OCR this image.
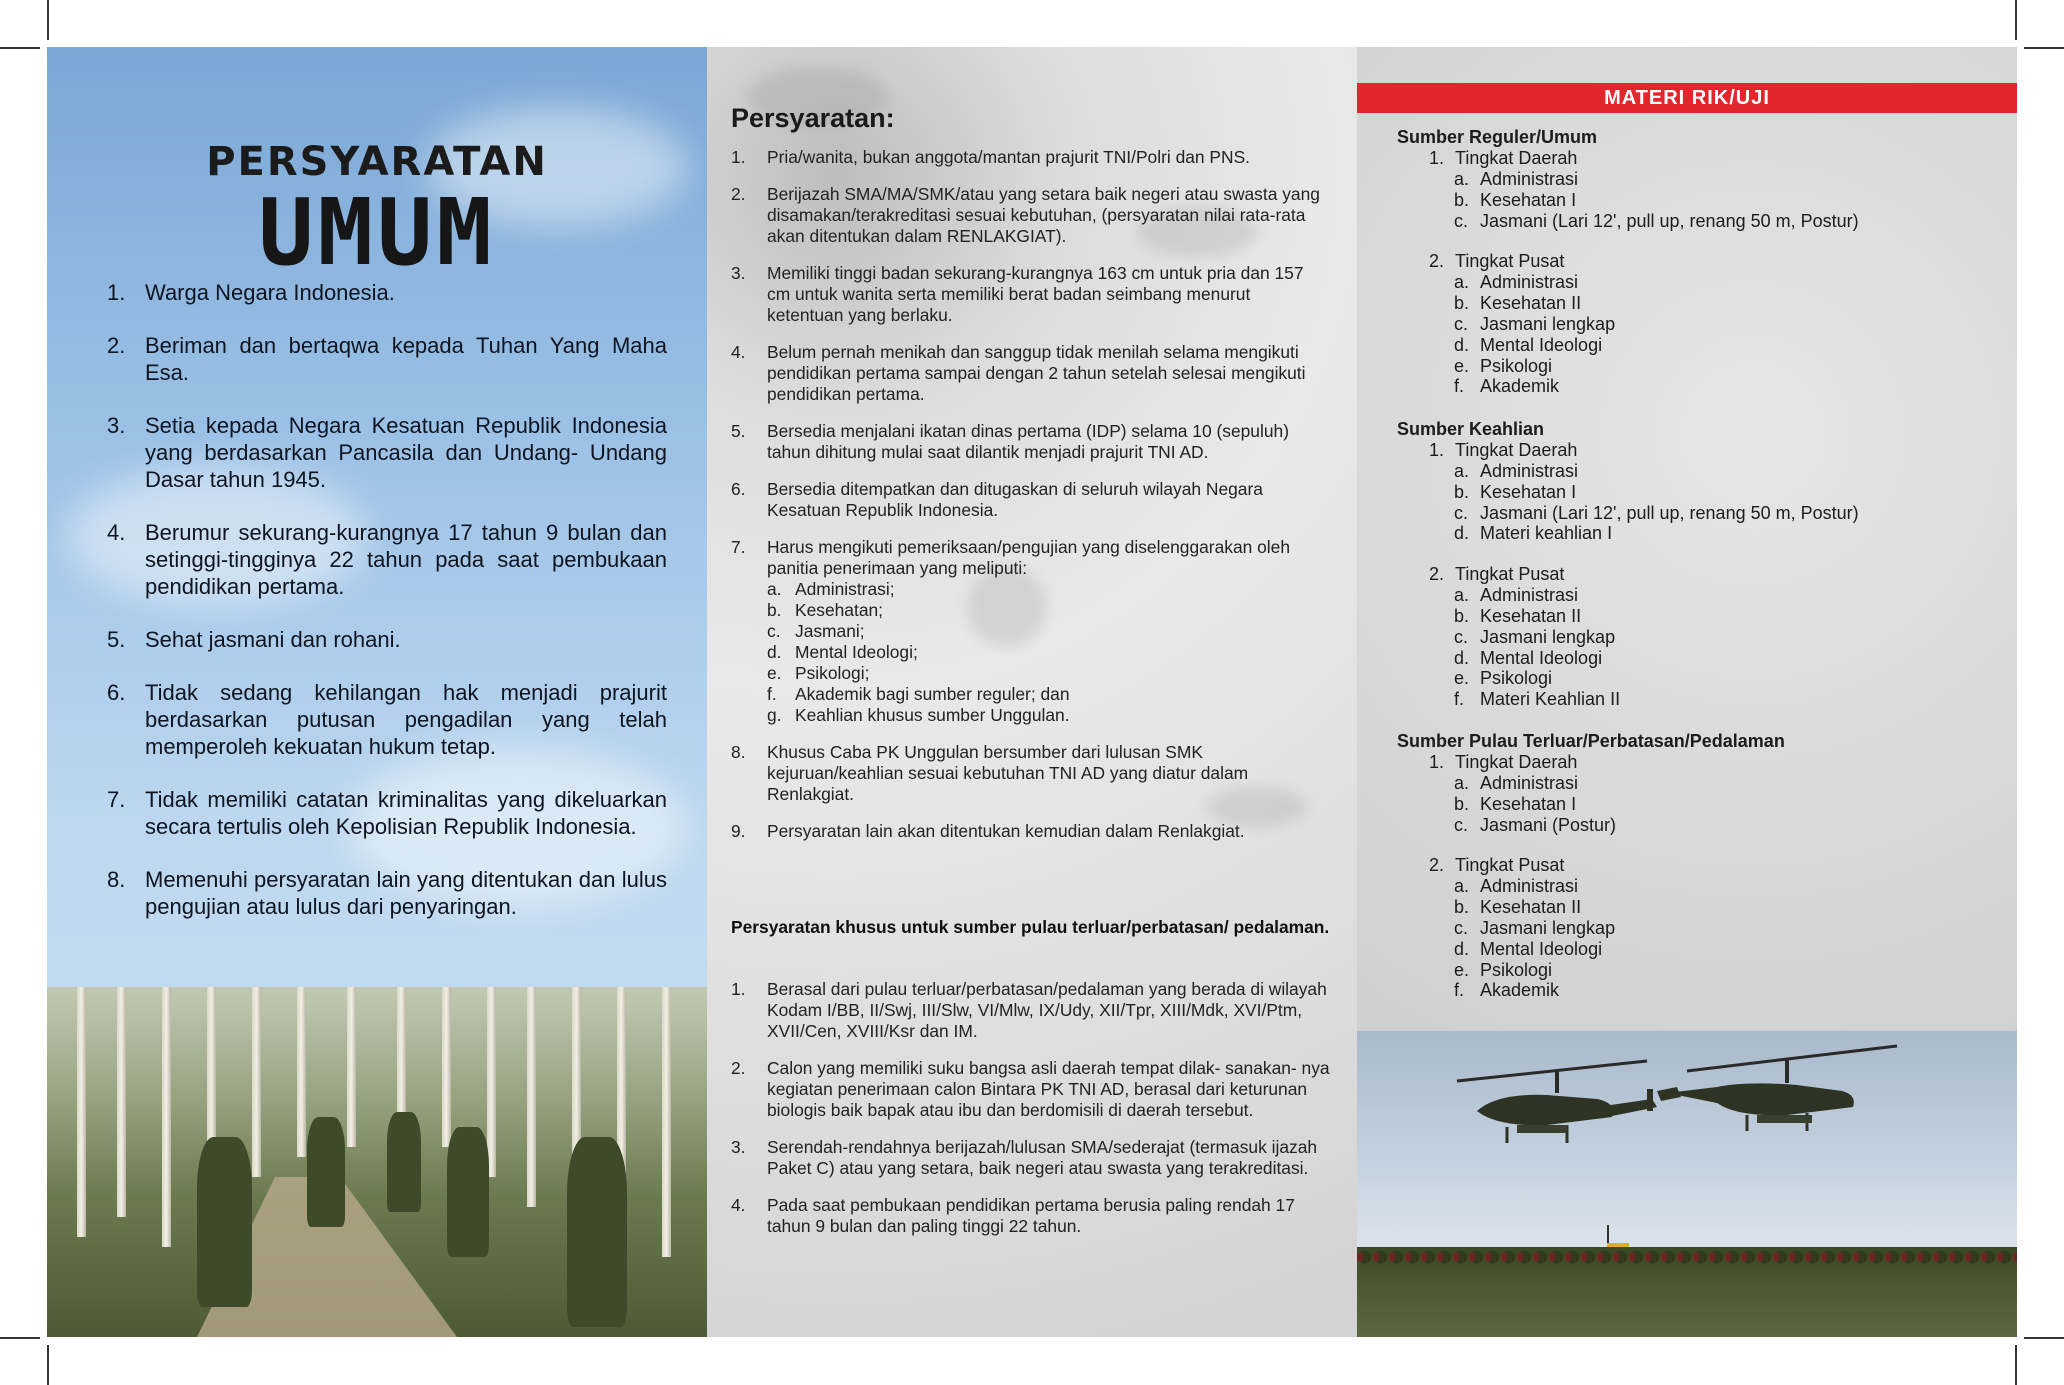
PERSYARATAN
UMUM
1. Warga Negara Indonesia.
2. Beriman dan bertaqwa kepada Tuhan Yang Maha Esa.
3. Setia kepada Negara Kesatuan Republik Indonesia yang berdasarkan Pancasila dan Undang- Undang Dasar tahun 1945.
4. Berumur sekurang-kurangnya 17 tahun 9 bulan dan setinggi-tingginya 22 tahun pada saat pembukaan pendidikan pertama.
5. Sehat jasmani dan rohani.
6. Tidak sedang kehilangan hak menjadi prajurit berdasarkan putusan pengadilan yang telah memperoleh kekuatan hukum tetap.
7. Tidak memiliki catatan kriminalitas yang dikeluarkan secara tertulis oleh Kepolisian Republik Indonesia.
8. Memenuhi persyaratan lain yang ditentukan dan lulus pengujian atau lulus dari penyaringan.
Persyaratan:
1.	Pria/wanita, bukan anggota/mantan prajurit TNI/Polri dan PNS.
2.	Berijazah SMA/MA/SMK/atau yang setara baik negeri atau swasta yang disamakan/terakreditasi sesuai kebutuhan, (persyaratan nilai rata-rata akan ditentukan dalam RENLAKGIAT).
3.	Memiliki tinggi badan sekurang-kurangnya 163 cm untuk pria dan 157 cm untuk wanita serta memiliki berat badan seimbang menurut ketentuan yang berlaku.
4.	Belum pernah menikah dan sanggup tidak menilah selama mengikuti pendidikan pertama sampai dengan 2 tahun setelah selesai mengikuti pendidikan pertama.
5.	Bersedia menjalani ikatan dinas pertama (IDP) selama 10 (sepuluh) tahun dihitung mulai saat dilantik menjadi prajurit TNI AD.
6.	Bersedia ditempatkan dan ditugaskan di seluruh wilayah Negara Kesatuan Republik Indonesia.
7.	Harus mengikuti pemeriksaan/pengujian yang diselenggarakan oleh panitia penerimaan yang meliputi:
a. Administrasi;
b. Kesehatan;
c. Jasmani;
d. Mental Ideologi;
e. Psikologi;
f.	Akademik bagi sumber reguler; dan
g. Keahlian khusus sumber Unggulan.
8.	Khusus Caba PK Unggulan bersumber dari lulusan SMK kejuruan/keahlian sesuai kebutuhan TNI AD yang diatur dalam Renlakgiat.
9.	Persyaratan lain akan ditentukan kemudian dalam Renlakgiat.
Persyaratan khusus untuk sumber pulau terluar/perbatasan/ pedalaman.
1.	Berasal dari pulau terluar/perbatasan/pedalaman yang berada di wilayah Kodam I/BB, II/Swj, III/Slw, VI/Mlw, IX/Udy, XII/Tpr, XIII/Mdk, XVI/Ptm, XVII/Cen, XVIII/Ksr dan IM.
2.	Calon yang memiliki suku bangsa asli daerah tempat dilak- sanakan- nya kegiatan penerimaan calon Bintara PK TNI AD, berasal dari keturunan biologis baik bapak atau ibu dan berdomisili di daerah tersebut.
3.	Serendah-rendahnya berijazah/lulusan SMA/sederajat (termasuk ijazah Paket C) atau yang setara, baik negeri atau swasta yang terakreditasi.
4.	Pada saat pembukaan pendidikan pertama berusia paling rendah 17 tahun 9 bulan dan paling tinggi 22 tahun.
MATERI RIK/UJI
Sumber Reguler/Umum
1. Tingkat Daerah
a. Administrasi
b. Kesehatan I
c. Jasmani (Lari 12', pull up, renang 50 m, Postur)
2. Tingkat Pusat
a. Administrasi
b. Kesehatan II
c. Jasmani lengkap
d. Mental Ideologi
e. Psikologi
f. Akademik
Sumber Keahlian
1. Tingkat Daerah
a. Administrasi
b. Kesehatan I
c. Jasmani (Lari 12', pull up, renang 50 m, Postur)
d. Materi keahlian I
2. Tingkat Pusat
a. Administrasi
b. Kesehatan II
c. Jasmani lengkap
d. Mental Ideologi
e. Psikologi
f. Materi Keahlian II
Sumber Pulau Terluar/Perbatasan/Pedalaman
1. Tingkat Daerah
a. Administrasi
b. Kesehatan I
c. Jasmani (Postur)
2. Tingkat Pusat
a. Administrasi
b. Kesehatan II
c. Jasmani lengkap
d. Mental Ideologi
e. Psikologi
f. Akademik
